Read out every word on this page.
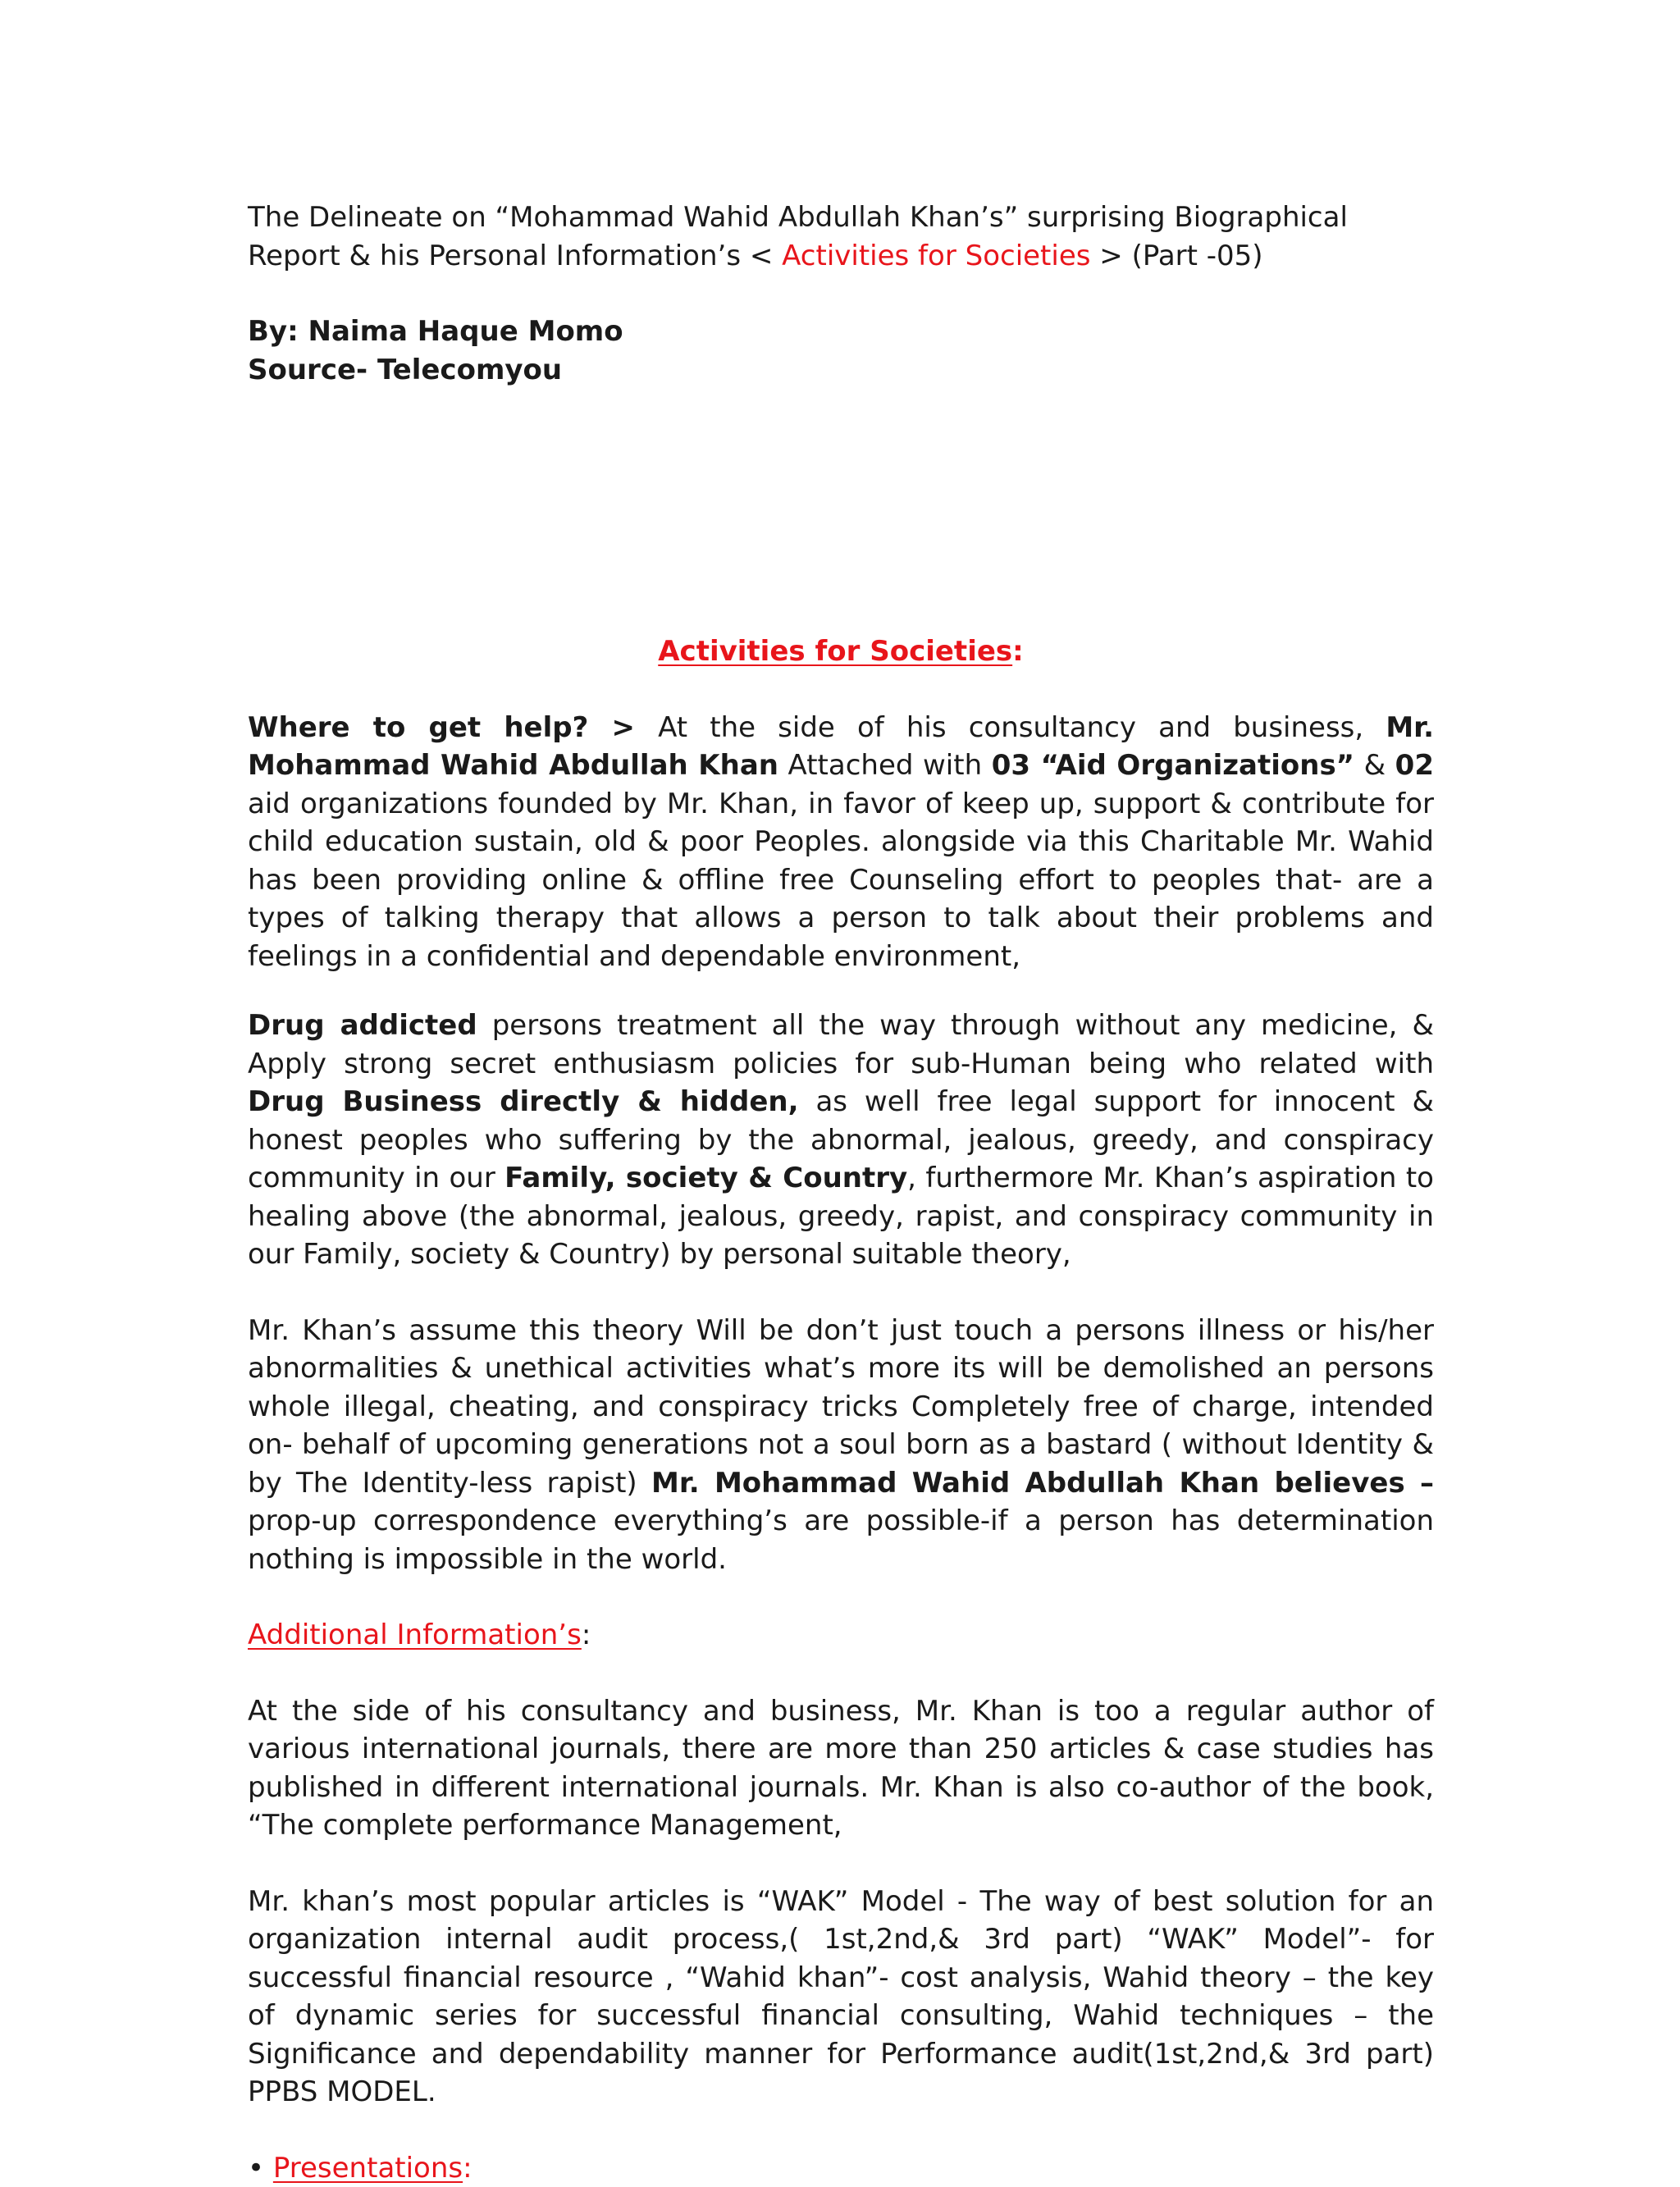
The Delineate on “Mohammad Wahid Abdullah Khan’s” surprising Biographical Report & his Personal Information’s < Activities for Societies > (Part -05)

By: Naima Haque Momo

Source- Telecomyou

Activities for Societies:

Where to get help? > At the side of his consultancy and business, Mr. Mohammad Wahid Abdullah Khan Attached with 03 “Aid Organizations” & 02 aid organizations founded by Mr. Khan, in favor of keep up, support & contribute for child education sustain, old & poor Peoples. alongside via this Charitable Mr. Wahid has been providing online & offline free Counseling effort to peoples that- are a types of talking therapy that allows a person to talk about their problems and feelings in a confidential and dependable environment,

Drug addicted persons treatment all the way through without any medicine, & Apply strong secret enthusiasm policies for sub-Human being who related with Drug Business directly & hidden, as well free legal support for innocent & honest peoples who suffering by the abnormal, jealous, greedy, and conspiracy community in our Family, society & Country, furthermore Mr. Khan’s aspiration to healing above (the abnormal, jealous, greedy, rapist, and conspiracy community in our Family, society & Country) by personal suitable theory,

Mr. Khan’s assume this theory Will be don’t just touch a persons illness or his/her abnormalities & unethical activities what’s more its will be demolished an persons whole illegal, cheating, and conspiracy tricks Completely free of charge, intended on- behalf of upcoming generations not a soul born as a bastard ( without Identity & by The Identity-less rapist) Mr. Mohammad Wahid Abdullah Khan believes – prop-up correspondence everything’s are possible-if a person has determination nothing is impossible in the world.

Additional Information’s:

At the side of his consultancy and business, Mr. Khan is too a regular author of various international journals, there are more than 250 articles & case studies has published in different international journals. Mr. Khan is also co-author of the book, “The complete performance Management,

Mr. khan’s most popular articles is “WAK” Model - The way of best solution for an organization internal audit process,( 1st,2nd,& 3rd part) “WAK” Model”- for successful financial resource , “Wahid khan”- cost analysis, Wahid theory – the key of dynamic series for successful financial consulting, Wahid techniques – the Significance and dependability manner for Performance audit(1st,2nd,& 3rd part) PPBS MODEL.

• Presentations:
